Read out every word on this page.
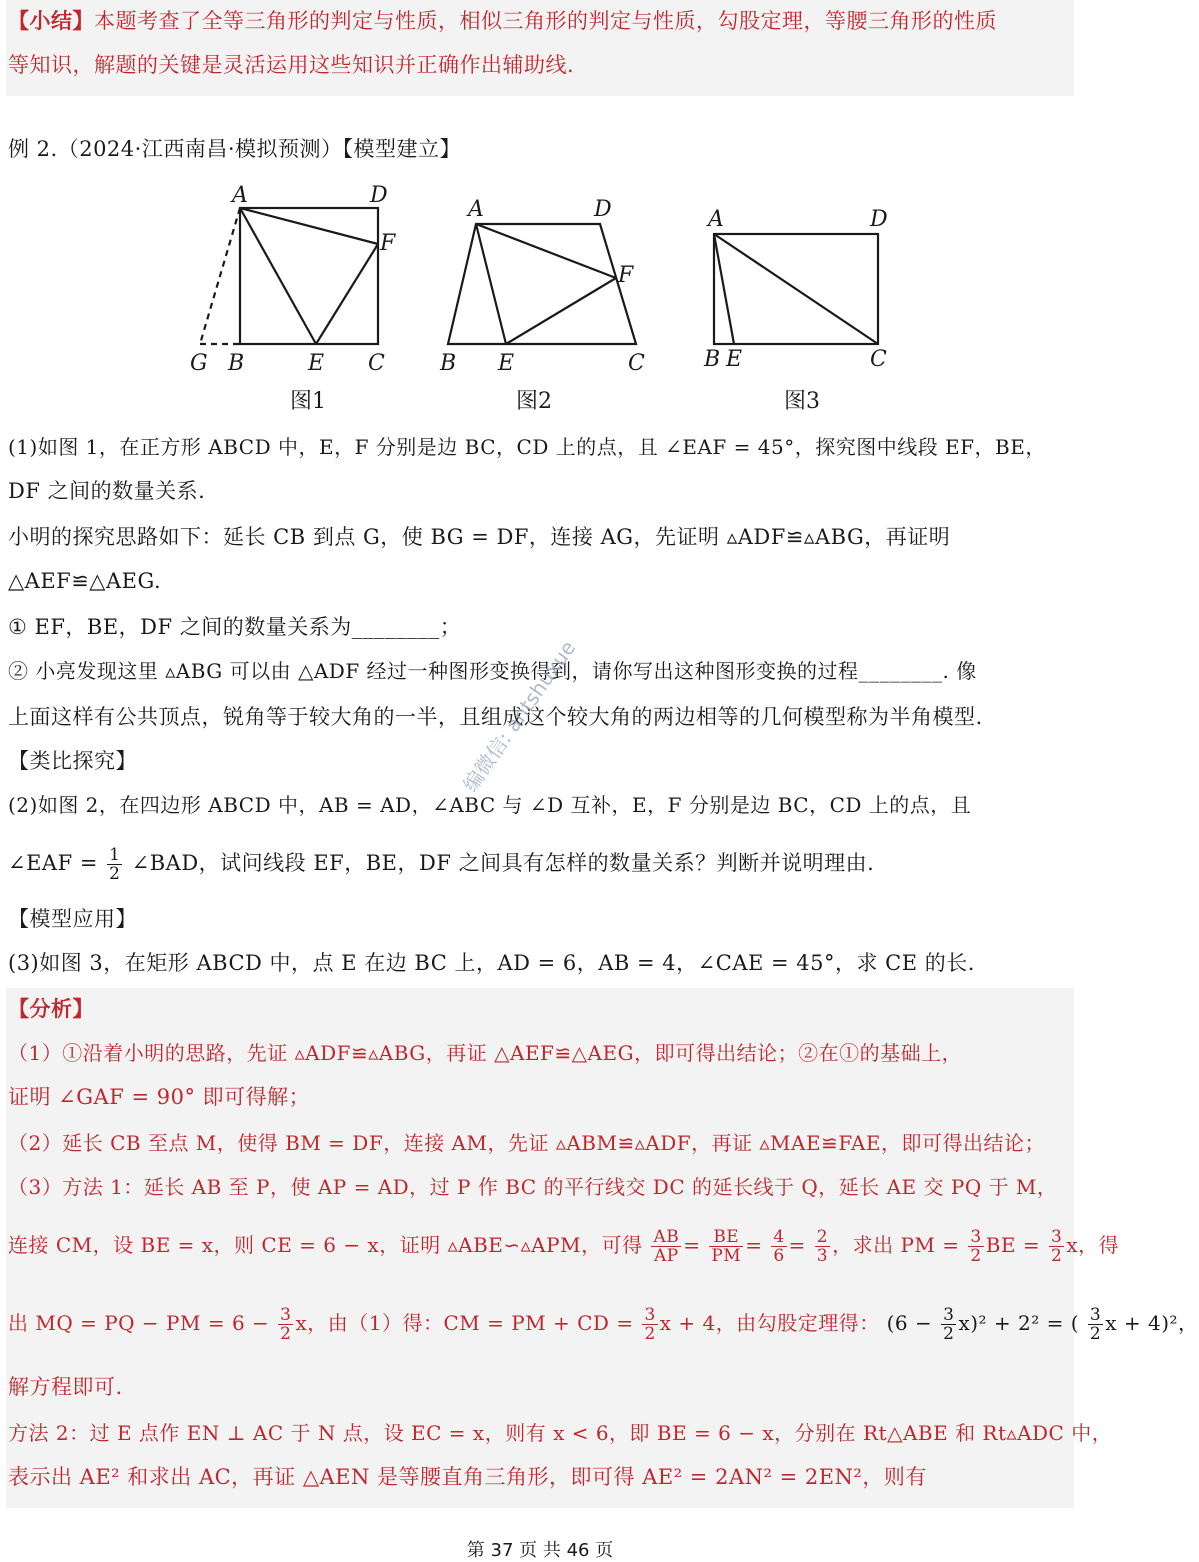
【小结】本题考查了全等三角形的判定与性质，相似三角形的判定与性质，勾股定理，等腰三角形的性质
等知识，解题的关键是灵活运用这些知识并正确作出辅助线.
例 2.（2024·江西南昌·模拟预测）【模型建立】
A	D
F
G B	E C
A	D
F
B E	C
A	D
B E	C
图1	图2	图3
(1)如图 1，在正方形 ABCD 中，E，F 分别是边 BC，CD 上的点，且 ∠EAF = 45°，探究图中线段 EF，BE，
DF 之间的数量关系.
小明的探究思路如下：延长 CB 到点 G，使 BG = DF，连接 AG，先证明 ▵ADF≌▵ABG，再证明
△AEF≌△AEG.
① EF，BE，DF 之间的数量关系为________；
② 小亮发现这里 ▵ABG 可以由 △ADF 经过一种图形变换得到，请你写出这种图形变换的过程________. 像
上面这样有公共顶点，锐角等于较大角的一半，且组成这个较大角的两边相等的几何模型称为半角模型.
【类比探究】
(2)如图 2，在四边形 ABCD 中，AB = AD，∠ABC 与 ∠D 互补，E，F 分别是边 BC，CD 上的点，且
∠EAF = $\frac{1}{2}$ ∠BAD，试问线段 EF，BE，DF 之间具有怎样的数量关系？判断并说明理由.
【模型应用】
(3)如图 3，在矩形 ABCD 中，点 E 在边 BC 上，AD = 6，AB = 4，∠CAE = 45°，求 CE 的长.
【分析】
（1）①沿着小明的思路，先证 ▵ADF≌▵ABG，再证 △AEF≌△AEG，即可得出结论；②在①的基础上，
证明 ∠GAF = 90° 即可得解；
（2）延长 CB 至点 M，使得 BM = DF，连接 AM，先证 ▵ABM≌▵ADF，再证 ▵MAE≌FAE，即可得出结论；
（3）方法 1：延长 AB 至 P，使 AP = AD，过 P 作 BC 的平行线交 DC 的延长线于 Q，延长 AE 交 PQ 于 M，
连接 CM，设 BE = x，则 CE = 6 − x，证明 ▵ABE∽▵APM，可得 $\frac{AB}{AP} = \frac{BE}{PM} = \frac{4}{6} = \frac{2}{3}$ ，求出 PM = $\frac{3}{2}$ BE = $\frac{3}{2}$ x，得
出 MQ = PQ − PM = $6 - \frac{3}{2}$ x，由（1）得：CM = PM + CD = $\frac{3}{2}$ x + 4，由勾股定理得： $(6 - \frac{3}{2} x)^2 + 2^2$ = ( $\frac{3}{2}$ x + 4)²，
解方程即可.
方法 2：过 E 点作 EN ⊥ AC 于 N 点，设 EC = x，则有 x < 6，即 BE = 6 − x，分别在 Rt△ABE 和 Rt▵ADC 中，
表示出 AE² 和求出 AC，再证 △AEN 是等腰直角三角形，即可得 AE² = 2AN² = 2EN²，则有
编微信: antshuxue
第 37 页 共 46 页
